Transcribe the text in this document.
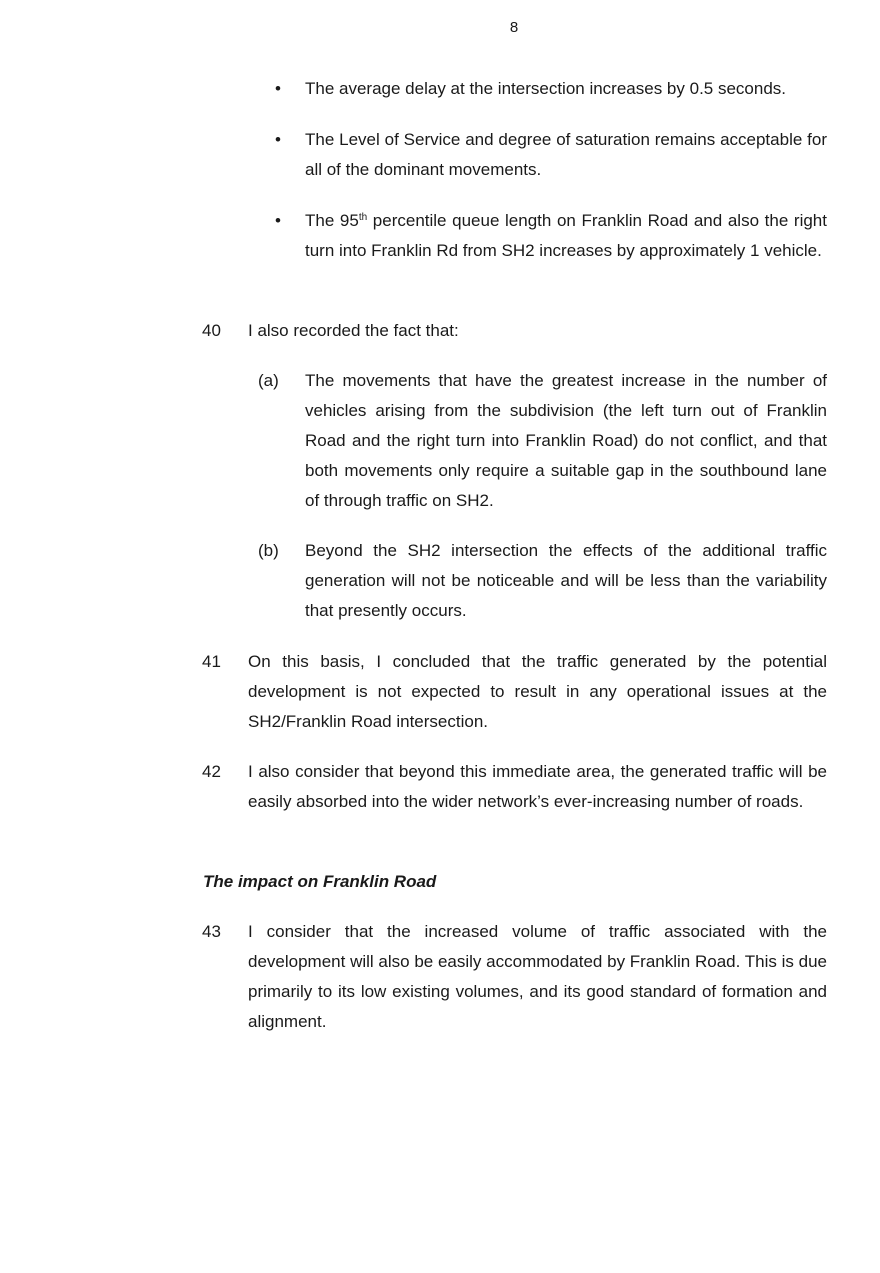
8
• The average delay at the intersection increases by 0.5 seconds.
• The Level of Service and degree of saturation remains acceptable for all of the dominant movements.
• The 95th percentile queue length on Franklin Road and also the right turn into Franklin Rd from SH2 increases by approximately 1 vehicle.
40 I also recorded the fact that:
(a) The movements that have the greatest increase in the number of vehicles arising from the subdivision (the left turn out of Franklin Road and the right turn into Franklin Road) do not conflict, and that both movements only require a suitable gap in the southbound lane of through traffic on SH2.
(b) Beyond the SH2 intersection the effects of the additional traffic generation will not be noticeable and will be less than the variability that presently occurs.
41 On this basis, I concluded that the traffic generated by the potential development is not expected to result in any operational issues at the SH2/Franklin Road intersection.
42 I also consider that beyond this immediate area, the generated traffic will be easily absorbed into the wider network’s ever-increasing number of roads.
The impact on Franklin Road
43 I consider that the increased volume of traffic associated with the development will also be easily accommodated by Franklin Road. This is due primarily to its low existing volumes, and its good standard of formation and alignment.
